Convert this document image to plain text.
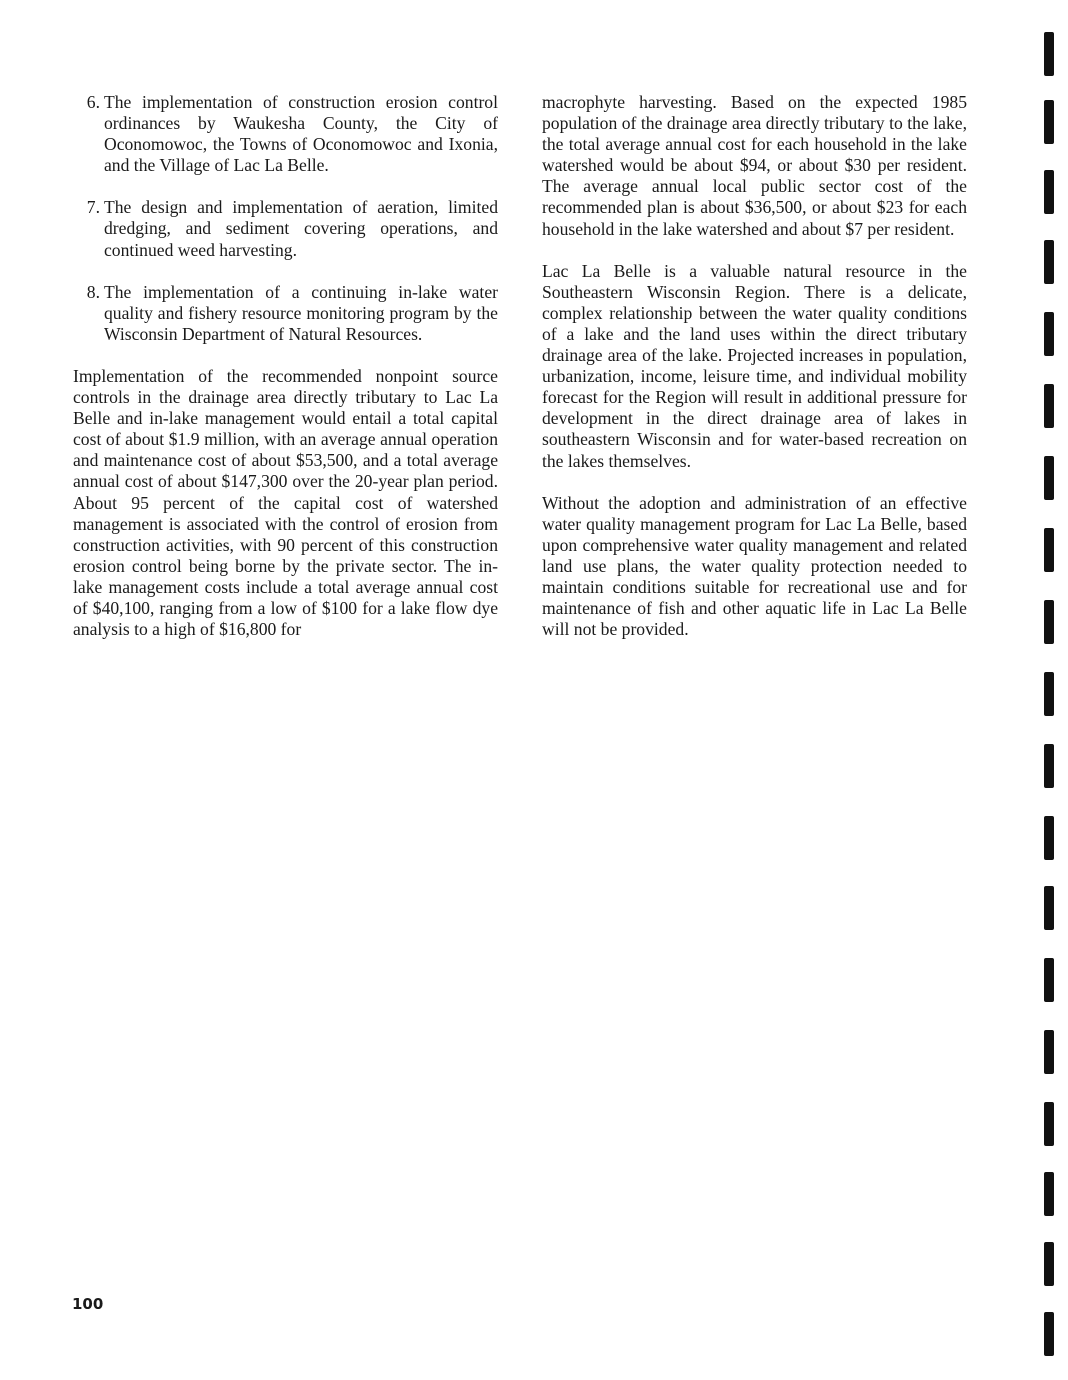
6. The implementation of construction erosion control ordinances by Waukesha County, the City of Oconomowoc, the Towns of Oconomowoc and Ixonia, and the Village of Lac La Belle.
7. The design and implementation of aeration, limited dredging, and sediment covering operations, and continued weed harvesting.
8. The implementation of a continuing in-lake water quality and fishery resource monitoring program by the Wisconsin Department of Natural Resources.

Implementation of the recommended nonpoint source controls in the drainage area directly tributary to Lac La Belle and in-lake management would entail a total capital cost of about $1.9 million, with an average annual operation and maintenance cost of about $53,500, and a total average annual cost of about $147,300 over the 20-year plan period. About 95 percent of the capital cost of watershed management is associated with the control of erosion from construction activities, with 90 percent of this construction erosion control being borne by the private sector. The in-lake management costs include a total average annual cost of $40,100, ranging from a low of $100 for a lake flow dye analysis to a high of $16,800 for

macrophyte harvesting. Based on the expected 1985 population of the drainage area directly tributary to the lake, the total average annual cost for each household in the lake watershed would be about $94, or about $30 per resident. The average annual local public sector cost of the recommended plan is about $36,500, or about $23 for each household in the lake watershed and about $7 per resident.

Lac La Belle is a valuable natural resource in the Southeastern Wisconsin Region. There is a delicate, complex relationship between the water quality conditions of a lake and the land uses within the direct tributary drainage area of the lake. Projected increases in population, urbanization, income, leisure time, and individual mobility forecast for the Region will result in additional pressure for development in the direct drainage area of lakes in southeastern Wisconsin and for water-based recreation on the lakes themselves.

Without the adoption and administration of an effective water quality management program for Lac La Belle, based upon comprehensive water quality management and related land use plans, the water quality protection needed to maintain conditions suitable for recreational use and for maintenance of fish and other aquatic life in Lac La Belle will not be provided.

100
